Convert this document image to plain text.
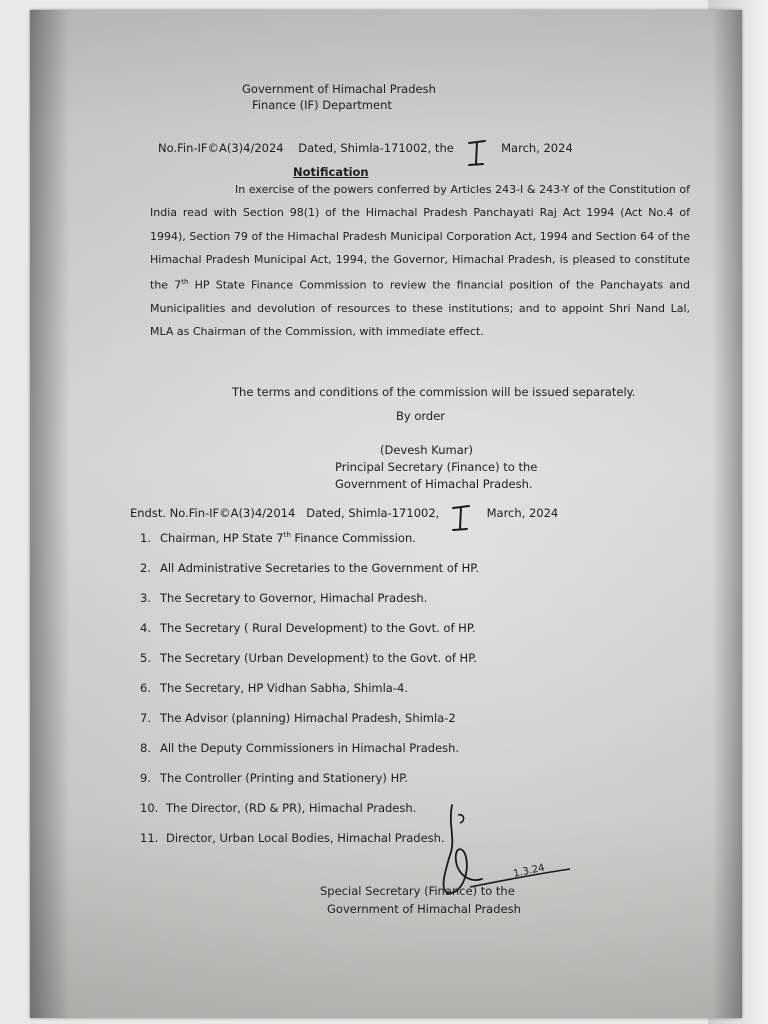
Government of Himachal Pradesh
Finance (IF) Department
No.Fin-IF©A(3)4/2024 Dated, Shimla-171002, the	March, 2024
Notification
In exercise of the powers conferred by Articles 243-I & 243-Y of the Constitution of India read with Section 98(1) of the Himachal Pradesh Panchayati Raj Act 1994 (Act No.4 of 1994), Section 79 of the Himachal Pradesh Municipal Corporation Act, 1994 and Section 64 of the Himachal Pradesh Municipal Act, 1994, the Governor, Himachal Pradesh, is pleased to constitute the 7th HP State Finance Commission to review the financial position of the Panchayats and Municipalities and devolution of resources to these institutions; and to appoint Shri Nand Lal, MLA as Chairman of the Commission, with immediate effect.
The terms and conditions of the commission will be issued separately.
By order
(Devesh Kumar)
Principal Secretary (Finance) to the
Government of Himachal Pradesh.
Endst. No.Fin-IF©A(3)4/2014 Dated, Shimla-171002,	March, 2024
1. Chairman, HP State 7th Finance Commission.
2. All Administrative Secretaries to the Government of HP.
3. The Secretary to Governor, Himachal Pradesh.
4. The Secretary ( Rural Development) to the Govt. of HP.
5. The Secretary (Urban Development) to the Govt. of HP.
6. The Secretary, HP Vidhan Sabha, Shimla-4.
7. The Advisor (planning) Himachal Pradesh, Shimla-2
8. All the Deputy Commissioners in Himachal Pradesh.
9. The Controller (Printing and Stationery) HP.
10. The Director, (RD & PR), Himachal Pradesh.
11. Director, Urban Local Bodies, Himachal Pradesh.
1.3.24
Special Secretary (Finance) to the
Government of Himachal Pradesh
